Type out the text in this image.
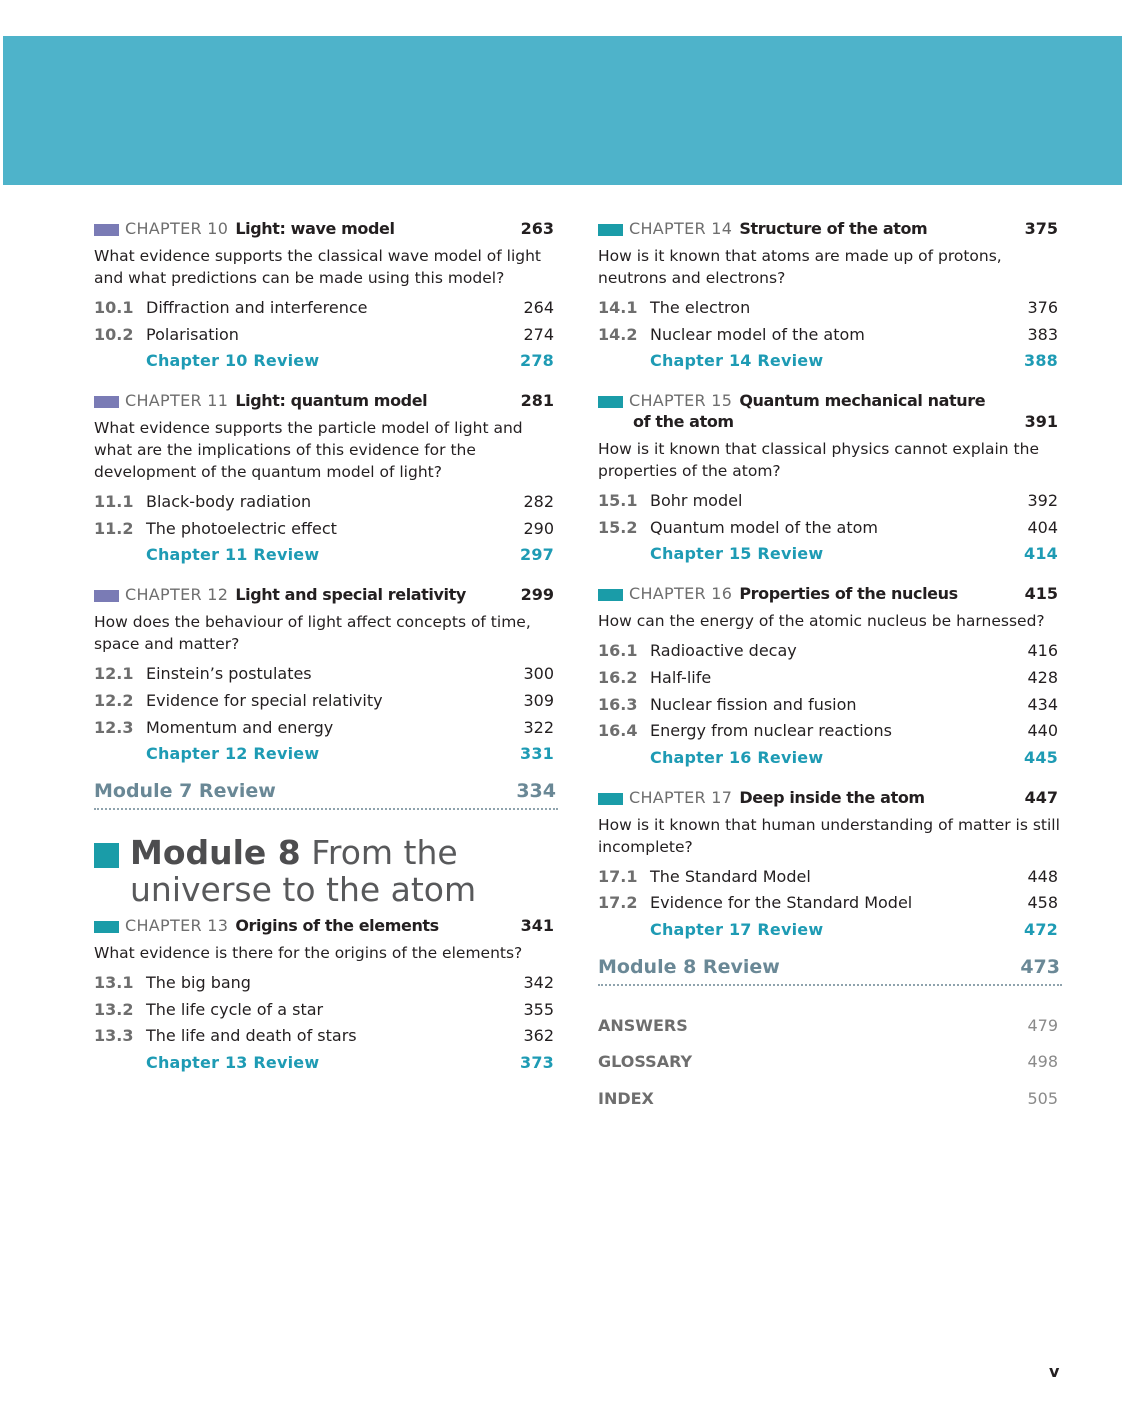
CHAPTER 10 Light: wave model	263
What evidence supports the classical wave model of light and what predictions can be made using this model?
10.1 Diffraction and interference	264
10.2 Polarisation	274
Chapter 10 Review	278
CHAPTER 11 Light: quantum model	281
What evidence supports the particle model of light and what are the implications of this evidence for the development of the quantum model of light?
11.1 Black-body radiation	282
11.2 The photoelectric effect	290
Chapter 11 Review	297
CHAPTER 12 Light and special relativity	299
How does the behaviour of light affect concepts of time, space and matter?
12.1 Einstein’s postulates	300
12.2 Evidence for special relativity	309
12.3 Momentum and energy	322
Chapter 12 Review	331
Module 7 Review	334
Module 8 From the universe to the atom
CHAPTER 13 Origins of the elements	341
What evidence is there for the origins of the elements?
13.1 The big bang	342
13.2 The life cycle of a star	355
13.3 The life and death of stars	362
Chapter 13 Review	373
CHAPTER 14 Structure of the atom	375
How is it known that atoms are made up of protons, neutrons and electrons?
14.1 The electron	376
14.2 Nuclear model of the atom	383
Chapter 14 Review	388
CHAPTER 15 Quantum mechanical nature
of the atom	391
How is it known that classical physics cannot explain the properties of the atom?
15.1 Bohr model	392
15.2 Quantum model of the atom	404
Chapter 15 Review	414
CHAPTER 16 Properties of the nucleus	415
How can the energy of the atomic nucleus be harnessed?
16.1 Radioactive decay	416
16.2 Half-life	428
16.3 Nuclear fission and fusion	434
16.4 Energy from nuclear reactions	440
Chapter 16 Review	445
CHAPTER 17 Deep inside the atom	447
How is it known that human understanding of matter is still incomplete?
17.1 The Standard Model	448
17.2 Evidence for the Standard Model	458
Chapter 17 Review	472
Module 8 Review	473
ANSWERS	479
GLOSSARY	498
INDEX	505
v
